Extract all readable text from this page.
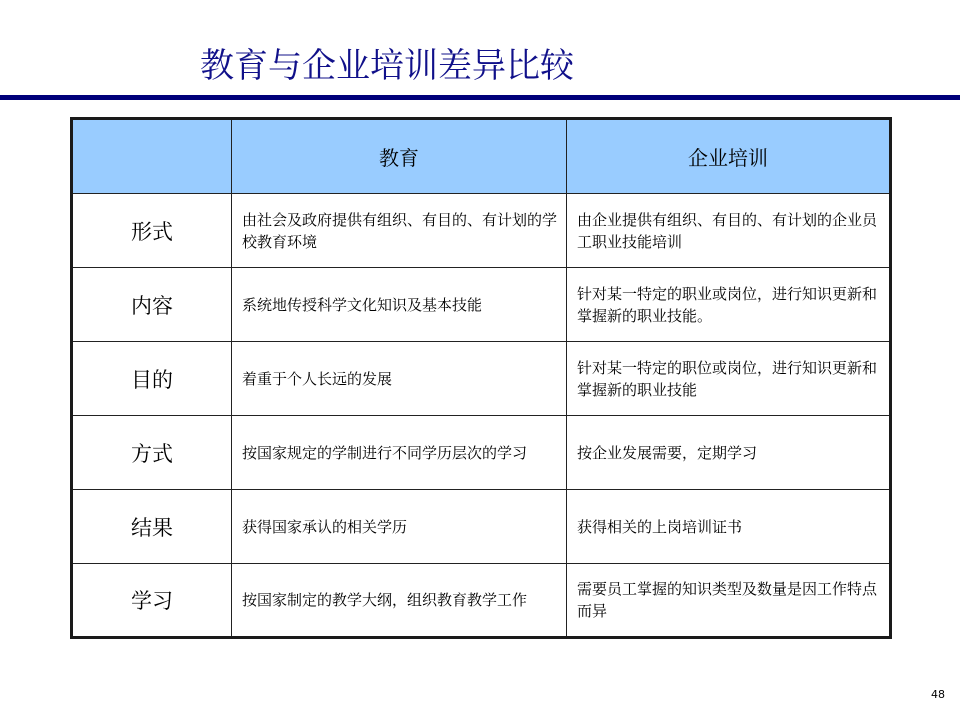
教育与企业培训差异比较
	教育	企业培训
形式	由社会及政府提供有组织、有目的、有计划的学校教育环境	由企业提供有组织、有目的、有计划的企业员工职业技能培训
内容	系统地传授科学文化知识及基本技能	针对某一特定的职业或岗位，进行知识更新和掌握新的职业技能。
目的	着重于个人长远的发展	针对某一特定的职位或岗位，进行知识更新和掌握新的职业技能
方式	按国家规定的学制进行不同学历层次的学习	按企业发展需要，定期学习
结果	获得国家承认的相关学历	获得相关的上岗培训证书
学习	按国家制定的教学大纲，组织教育教学工作	需要员工掌握的知识类型及数量是因工作特点而异
48
